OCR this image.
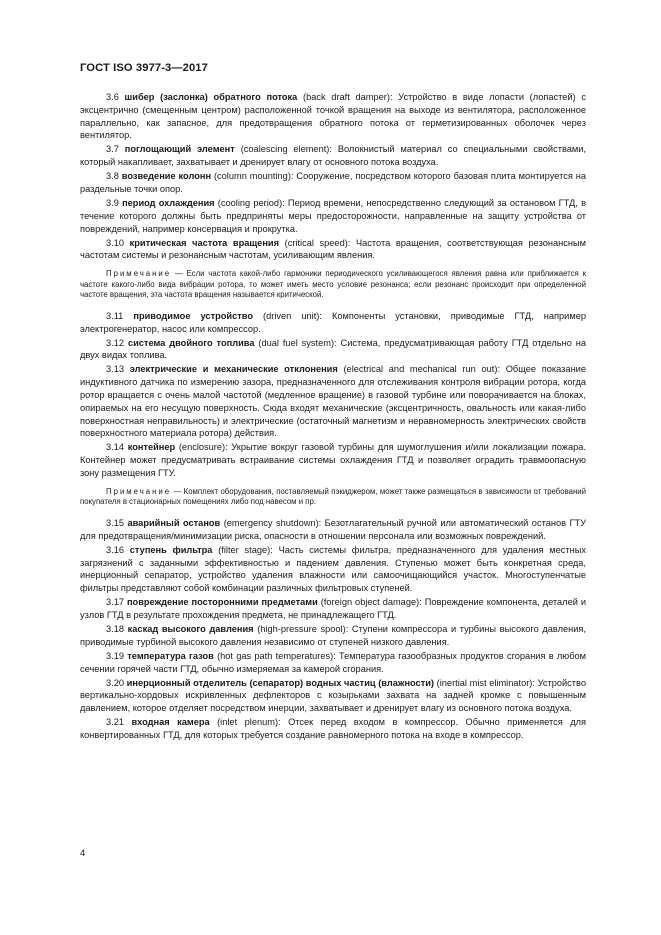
ГОСТ ISO 3977-3—2017

3.6 шибер (заслонка) обратного потока (back draft damper): Устройство в виде лопасти (лопастей) с эксцентрично (смещенным центром) расположенной точкой вращения на выходе из вентилятора, расположенное параллельно, как запасное, для предотвращения обратного потока от герметизированных оболочек через вентилятор.

3.7 поглощающий элемент (coalescing element): Волокнистый материал со специальными свойствами, который накапливает, захватывает и дренирует влагу от основного потока воздуха.

3.8 возведение колонн (column mounting): Сооружение, посредством которого базовая плита монтируется на раздельные точки опор.

3.9 период охлаждения (cooling period): Период времени, непосредственно следующий за остановом ГТД, в течение которого должны быть предприняты меры предосторожности, направленные на защиту устройства от повреждений, например консервация и прокрутка.

3.10 критическая частота вращения (critical speed): Частота вращения, соответствующая резонансным частотам системы и резонансным частотам, усиливающим явления.

Примечание — Если частота какой-либо гармоники периодического усиливающегося явления равна или приближается к частоте какого-либо вида вибрации ротора, то может иметь место условие резонанса; если резонанс происходит при определенной частоте вращения, эта частота вращения называется критической.

3.11 приводимое устройство (driven unit): Компоненты установки, приводимые ГТД, например электрогенератор, насос или компрессор.

3.12 система двойного топлива (dual fuel system): Система, предусматривающая работу ГТД отдельно на двух видах топлива.

3.13 электрические и механические отклонения (electrical and mechanical run out): Общее показание индуктивного датчика по измерению зазора, предназначенного для отслеживания контроля вибрации ротора, когда ротор вращается с очень малой частотой (медленное вращение) в газовой турбине или поворачивается на блоках, опираемых на его несущую поверхность. Сюда входят механические (эксцентричность, овальность или какая-либо поверхностная неправильность) и электрические (остаточный магнетизм и неравномерность электрических свойств поверхностного материала ротора) действия.

3.14 контейнер (enclosure): Укрытие вокруг газовой турбины для шумоглушения и/или локализации пожара. Контейнер может предусматривать встраивание системы охлаждения ГТД и позволяет оградить травмоопасную зону размещения ГТУ.

Примечание — Комплект оборудования, поставляемый пэкиджером, может также размещаться в зависимости от требований покупателя в стационарных помещениях либо под навесом и пр.

3.15 аварийный останов (emergency shutdown): Безотлагательный ручной или автоматический останов ГТУ для предотвращения/минимизации риска, опасности в отношении персонала или возможных повреждений.

3.16 ступень фильтра (filter stage): Часть системы фильтра, предназначенного для удаления местных загрязнений с заданными эффективностью и падением давления. Ступенью может быть конкретная среда, инерционный сепаратор, устройство удаления влажности или самоочищающийся участок. Многоступенчатые фильтры представляют собой комбинации различных фильтровых ступеней.

3.17 повреждение посторонними предметами (foreign object damage): Повреждение компонента, деталей и узлов ГТД в результате прохождения предмета, не принадлежащего ГТД.

3.18 каскад высокого давления (high-pressure spool): Ступени компрессора и турбины высокого давления, приводимые турбиной высокого давления независимо от ступеней низкого давления.

3.19 температура газов (hot gas path temperatures): Температура газообразных продуктов сгорания в любом сечении горячей части ГТД, обычно измеряемая за камерой сгорания.

3.20 инерционный отделитель (сепаратор) водных частиц (влажности) (inertial mist eliminator): Устройство вертикально-хордовых искривленных дефлекторов с козырьками захвата на задней кромке с повышенным давлением, которое отделяет посредством инерции, захватывает и дренирует влагу из основного потока воздуха.

3.21 входная камера (inlet plenum): Отсек перед входом в компрессор. Обычно применяется для конвертированных ГТД, для которых требуется создание равномерного потока на входе в компрессор.

4
